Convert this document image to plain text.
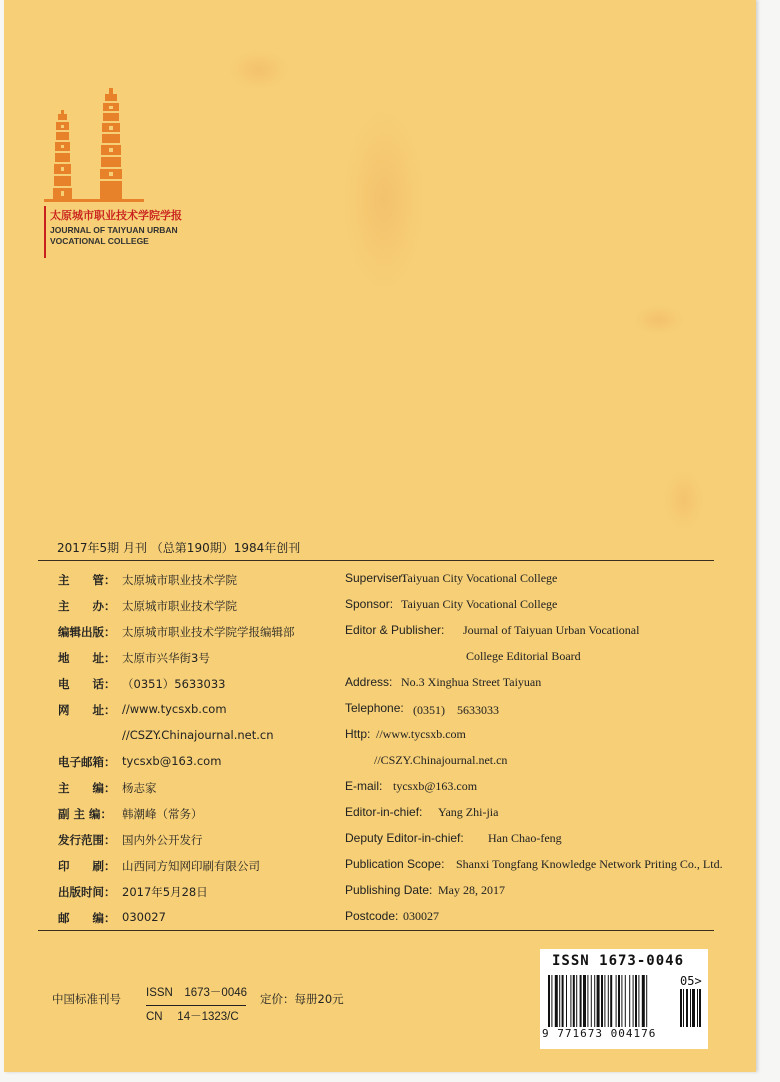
太原城市职业技术学院学报
JOURNAL OF TAIYUAN URBAN VOCATIONAL COLLEGE
2017年5期 月刊 （总第190期）1984年创刊
主　　管： 太原城市职业技术学院
主　　办： 太原城市职业技术学院
编辑出版： 太原城市职业技术学院学报编辑部
地　　址： 太原市兴华街3号
电　　话： （0351）5633033
网　　址： //www.tycsxb.com
//CSZY.Chinajournal.net.cn
电子邮箱： tycsxb@163.com
主　　编： 杨志家
副 主 编： 韩潮峰（常务）
发行范围： 国内外公开发行
印　　刷： 山西同方知网印刷有限公司
出版时间： 2017年5月28日
邮　　编： 030027
Superviser:
Taiyuan City Vocational College
Sponsor: Taiyuan City Vocational College
Editor & Publisher: Journal of Taiyuan Urban Vocational
College Editorial Board
Address: No.3 Xinghua Street Taiyuan
Telephone: (0351)　5633033
Http: //www.tycsxb.com
//CSZY.Chinajournal.net.cn
E-mail: tycsxb@163.com
Editor-in-chief: Yang Zhi-jia
Deputy Editor-in-chief: Han Chao-feng
Publication Scope: Shanxi Tongfang Knowledge Network Priting Co., Ltd.
Publishing Date: May 28, 2017
Postcode: 030027
中国标准刊号 ISSN　1673－0046
CN　 14－1323/C
定价：每册20元
ISSN 1673-0046
05>
9 771673 004176
